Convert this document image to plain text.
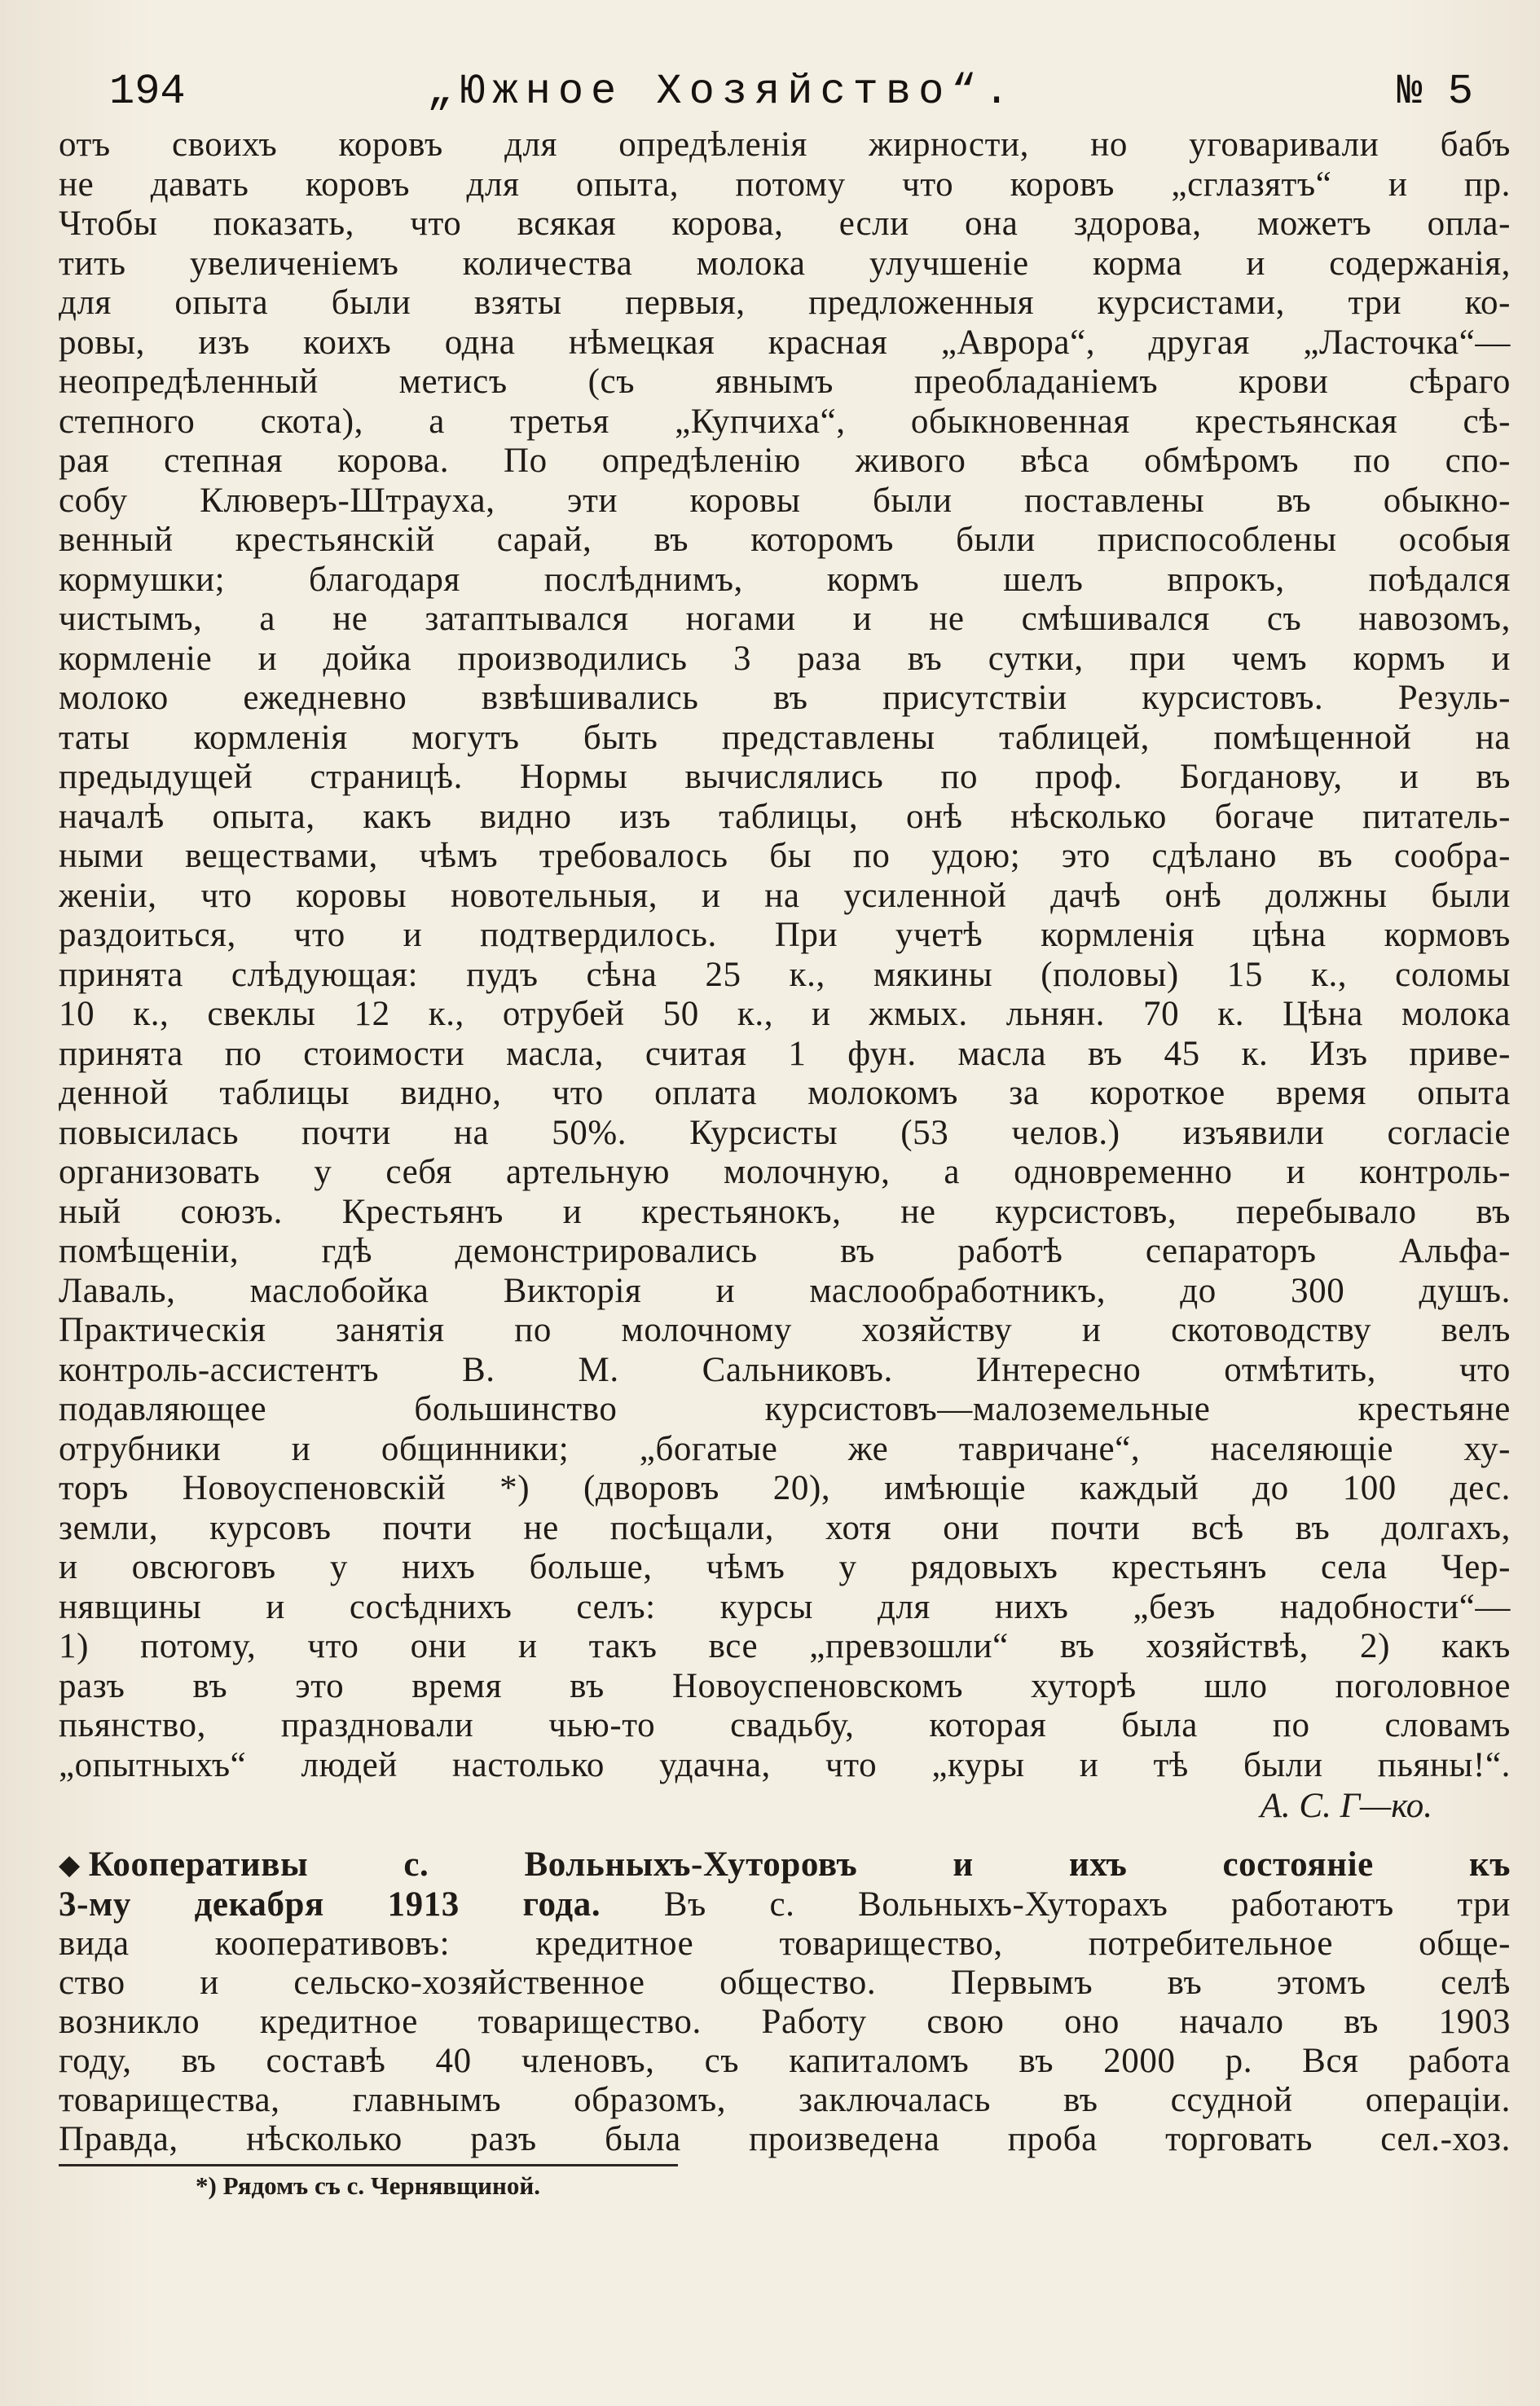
194	„Южное Хозяйство“.	№ 5
отъ своихъ коровъ для опредѣленія жирности, но уговаривали бабъ
не давать коровъ для опыта, потому что коровъ „сглазятъ“ и пр.
Чтобы показать, что всякая корова, если она здорова, можетъ опла-
тить увеличеніемъ количества молока улучшеніе корма и содержанія,
для опыта были взяты первыя, предложенныя курсистами, три ко-
ровы, изъ коихъ одна нѣмецкая красная „Аврора“, другая „Ласточка“—
неопредѣленный метисъ (съ явнымъ преобладаніемъ крови сѣраго
степного скота), а третья „Купчиха“, обыкновенная крестьянская сѣ-
рая степная корова. По опредѣленію живого вѣса обмѣромъ по спо-
собу Клюверъ-Штрауха, эти коровы были поставлены въ обыкно-
венный крестьянскій сарай, въ которомъ были приспособлены особыя
кормушки; благодаря послѣднимъ, кормъ шелъ впрокъ, поѣдался
чистымъ, а не затаптывался ногами и не смѣшивался съ навозомъ,
кормленіе и дойка производились 3 раза въ сутки, при чемъ кормъ и
молоко ежедневно взвѣшивались въ присутствіи курсистовъ. Резуль-
таты кормленія могутъ быть представлены таблицей, помѣщенной на
предыдущей страницѣ. Нормы вычислялись по проф. Богданову, и въ
началѣ опыта, какъ видно изъ таблицы, онѣ нѣсколько богаче питатель-
ными веществами, чѣмъ требовалось бы по удою; это сдѣлано въ сообра-
женіи, что коровы новотельныя, и на усиленной дачѣ онѣ должны были
раздоиться, что и подтвердилось. При учетѣ кормленія цѣна кормовъ
принята слѣдующая: пудъ сѣна 25 к., мякины (половы) 15 к., соломы
10 к., свеклы 12 к., отрубей 50 к., и жмых. льнян. 70 к. Цѣна молока
принята по стоимости масла, считая 1 фун. масла въ 45 к. Изъ приве-
денной таблицы видно, что оплата молокомъ за короткое время опыта
повысилась почти на 50%. Курсисты (53 челов.) изъявили согласіе
организовать у себя артельную молочную, а одновременно и контроль-
ный союзъ. Крестьянъ и крестьянокъ, не курсистовъ, перебывало въ
помѣщеніи, гдѣ демонстрировались въ работѣ сепараторъ Альфа-
Лаваль, маслобойка Викторія и маслообработникъ, до 300 душъ.
Практическія занятія по молочному хозяйству и скотоводству велъ
контроль-ассистентъ В. М. Сальниковъ. Интересно отмѣтить, что
подавляющее большинство курсистовъ—малоземельные крестьяне
отрубники и общинники; „богатые же тавричане“, населяющіе ху-
торъ Новоуспеновскій *) (дворовъ 20), имѣющіе каждый до 100 дес.
земли, курсовъ почти не посѣщали, хотя они почти всѣ въ долгахъ,
и овсюговъ у нихъ больше, чѣмъ у рядовыхъ крестьянъ села Чер-
нявщины и сосѣднихъ селъ: курсы для нихъ „безъ надобности“—
1) потому, что они и такъ все „превзошли“ въ хозяйствѣ, 2) какъ
разъ въ это время въ Новоуспеновскомъ хуторѣ шло поголовное
пьянство, праздновали чью-то свадьбу, которая была по словамъ
„опытныхъ“ людей настолько удачна, что „куры и тѣ были пьяны!“.
А. С. Г—ко.
◆ Кооперативы с. Вольныхъ-Хуторовъ и ихъ состояніе къ
3-му декабря 1913 года. Въ с. Вольныхъ-Хуторахъ работаютъ три
вида кооперативовъ: кредитное товарищество, потребительное обще-
ство и сельско-хозяйственное общество. Первымъ въ этомъ селѣ
возникло кредитное товарищество. Работу свою оно начало въ 1903
году, въ составѣ 40 членовъ, съ капиталомъ въ 2000 р. Вся работа
товарищества, главнымъ образомъ, заключалась въ ссудной операціи.
Правда, нѣсколько разъ была произведена проба торговать сел.-хоз.
*) Рядомъ съ с. Чернявщиной.
